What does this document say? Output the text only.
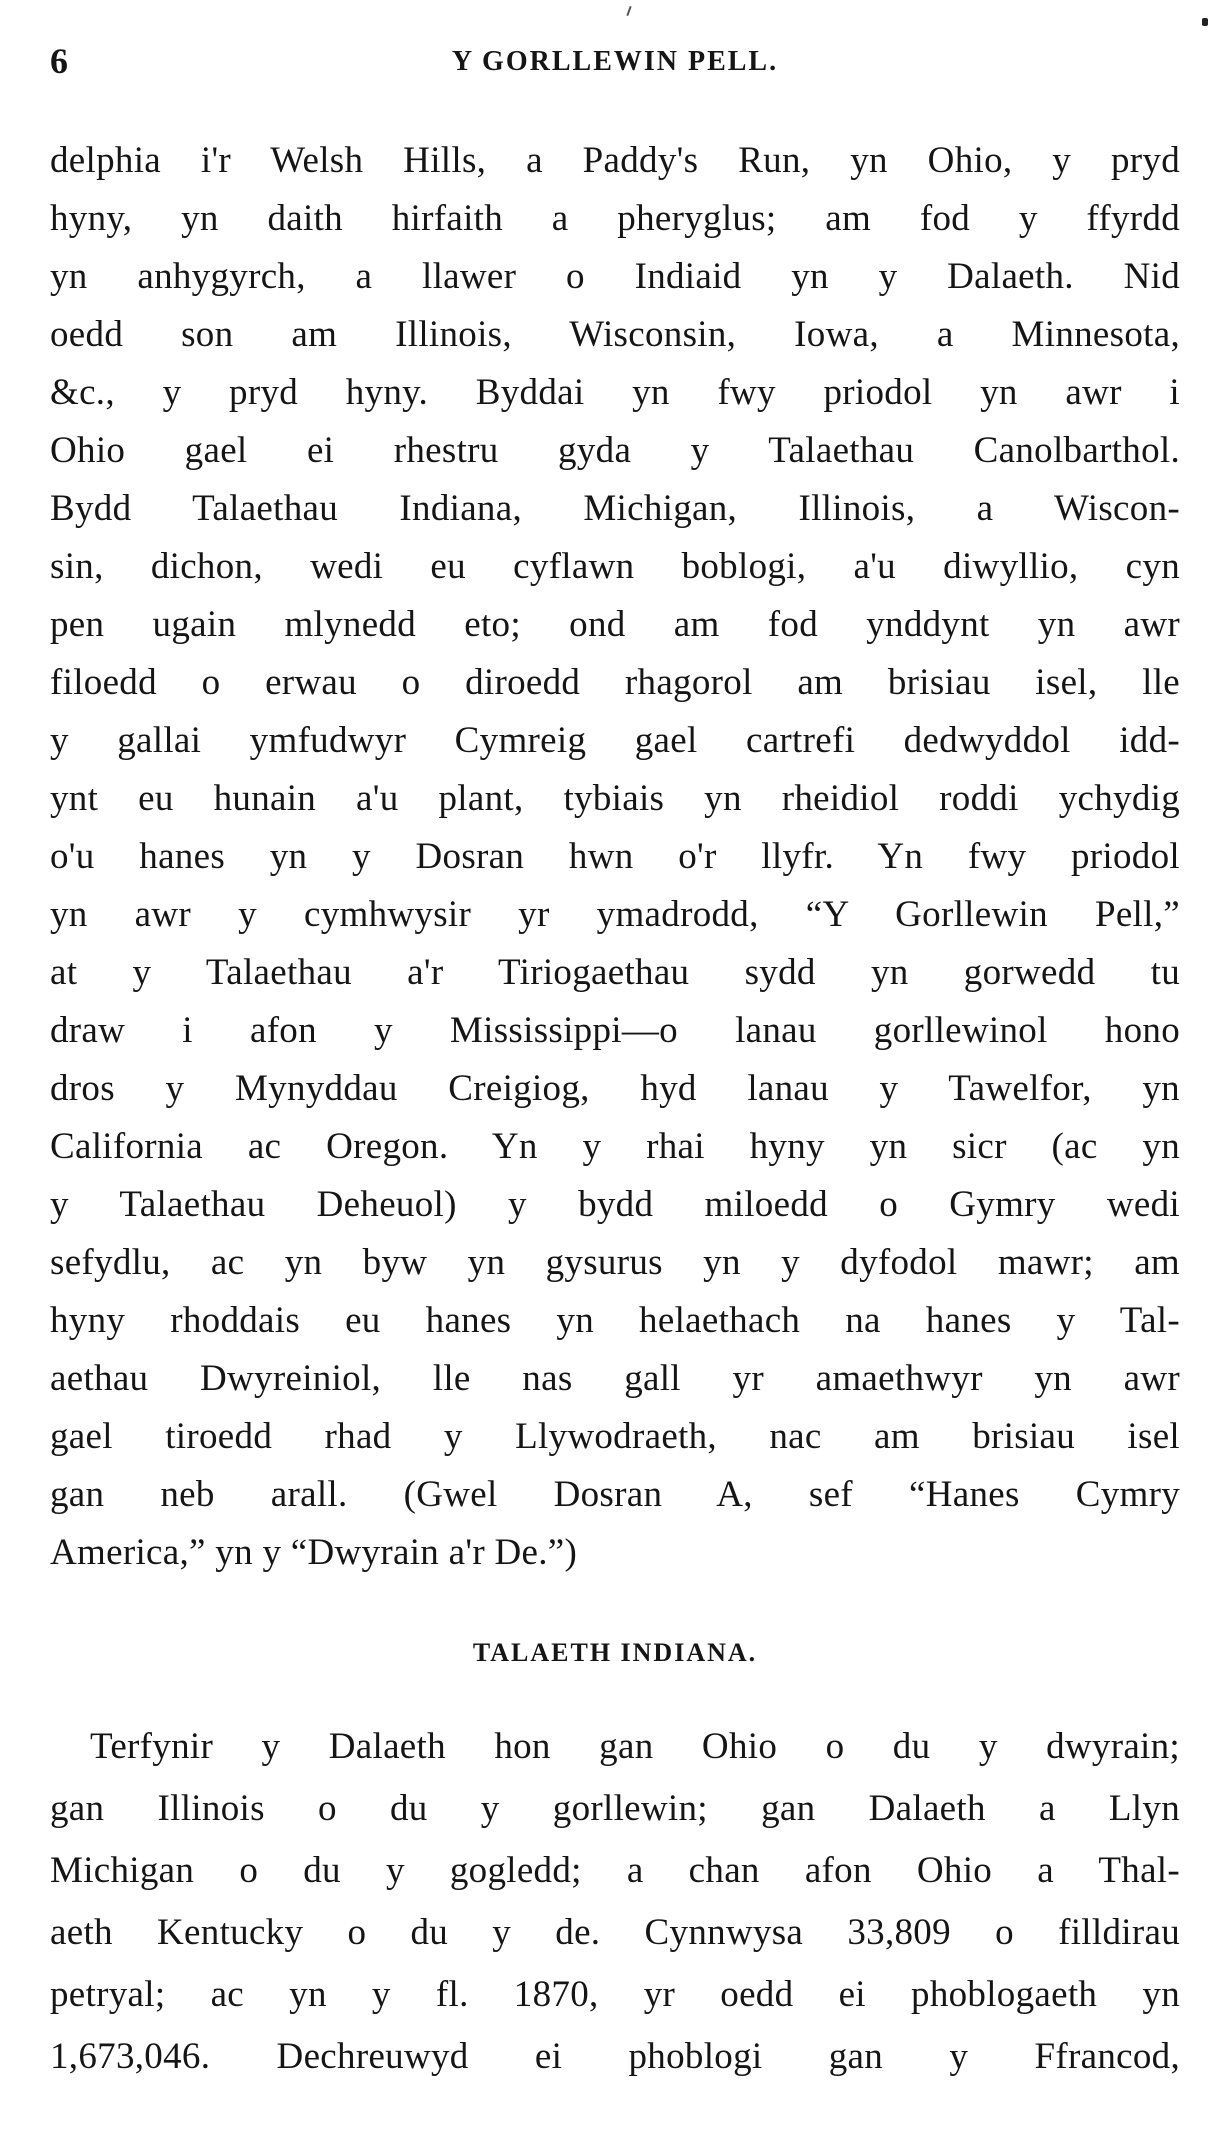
6	Y GORLLEWIN PELL.
delphia i'r Welsh Hills, a Paddy's Run, yn Ohio, y pryd
hyny, yn daith hirfaith a pheryglus; am fod y ffyrdd
yn anhygyrch, a llawer o Indiaid yn y Dalaeth. Nid
oedd son am Illinois, Wisconsin, Iowa, a Minnesota,
&c., y pryd hyny. Byddai yn fwy priodol yn awr i
Ohio gael ei rhestru gyda y Talaethau Canolbarthol.
Bydd Talaethau Indiana, Michigan, Illinois, a Wiscon-
sin, dichon, wedi eu cyflawn boblogi, a'u diwyllio, cyn
pen ugain mlynedd eto; ond am fod ynddynt yn awr
filoedd o erwau o diroedd rhagorol am brisiau isel, lle
y gallai ymfudwyr Cymreig gael cartrefi dedwyddol idd-
ynt eu hunain a'u plant, tybiais yn rheidiol roddi ychydig
o'u hanes yn y Dosran hwn o'r llyfr. Yn fwy priodol
yn awr y cymhwysir yr ymadrodd, “Y Gorllewin Pell,”
at y Talaethau a'r Tiriogaethau sydd yn gorwedd tu
draw i afon y Mississippi—o lanau gorllewinol hono
dros y Mynyddau Creigiog, hyd lanau y Tawelfor, yn
California ac Oregon. Yn y rhai hyny yn sicr (ac yn
y Talaethau Deheuol) y bydd miloedd o Gymry wedi
sefydlu, ac yn byw yn gysurus yn y dyfodol mawr; am
hyny rhoddais eu hanes yn helaethach na hanes y Tal-
aethau Dwyreiniol, lle nas gall yr amaethwyr yn awr
gael tiroedd rhad y Llywodraeth, nac am brisiau isel
gan neb arall. (Gwel Dosran A, sef “Hanes Cymry
America,” yn y “Dwyrain a'r De.”)
TALAETH INDIANA.
Terfynir y Dalaeth hon gan Ohio o du y dwyrain;
gan Illinois o du y gorllewin; gan Dalaeth a Llyn
Michigan o du y gogledd; a chan afon Ohio a Thal-
aeth Kentucky o du y de. Cynnwysa 33,809 o filldirau
petryal; ac yn y fl. 1870, yr oedd ei phoblogaeth yn
1,673,046. Dechreuwyd ei phoblogi gan y Ffrancod,
